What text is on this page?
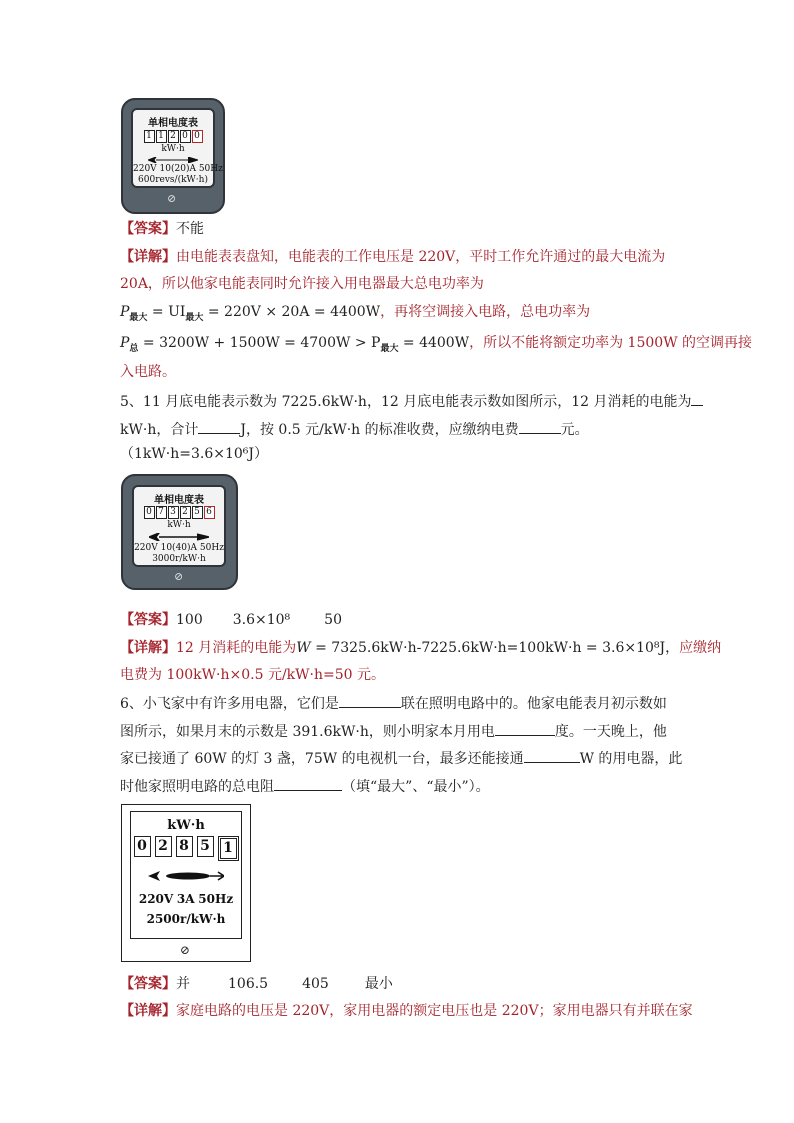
单相电度表
1 1 2 0 0
kW·h
220V 10(20)A 50Hz
600revs/(kW·h)
⊘
【答案】不能
【详解】由电能表表盘知，电能表的工作电压是 220V，平时工作允许通过的最大电流为
20A，所以他家电能表同时允许接入用电器最大总电功率为
$P_{最大} = UI_{最大} = 220V \times 20A = 4400W$，再将空调接入电路，总电功率为
$P_总 = 3200W + 1500W = 4700W > P_{最大} = 4400W$，所以不能将额定功率为 1500W 的空调再接
入电路。
5、11 月底电能表示数为 7225.6kW·h，12 月底电能表示数如图所示，12 月消耗的电能为
kW·h，合计	J，按 0.5 元/kW·h 的标准收费，应缴纳电费	元。
（1kW·h=3.6×10⁶J）
单相电度表
0 7 3 2 5 6
kW·h
220V 10(40)A 50Hz
3000r/kW·h
⊘
【答案】100 3.6×10⁸ 50
【详解】12 月消耗的电能为W = 7325.6kW·h-7225.6kW·h=100kW·h = 3.6×10⁸J，应缴纳
电费为 100kW·h×0.5 元/kW·h=50 元。
6、小飞家中有许多用电器，它们是	联在照明电路中的。他家电能表月初示数如
图所示，如果月末的示数是 391.6kW·h，则小明家本月用电	度。一天晚上，他
家已接通了 60W 的灯 3 盏，75W 的电视机一台，最多还能接通	W 的用电器，此
时他家照明电路的总电阻	（填“最大”、“最小”）。
kW·h
0 2 8 5 1
220V 3A 50Hz
2500r/kW·h
⊘
【答案】并	106.5 405	最小
【详解】家庭电路的电压是 220V，家用电器的额定电压也是 220V；家用电器只有并联在家
